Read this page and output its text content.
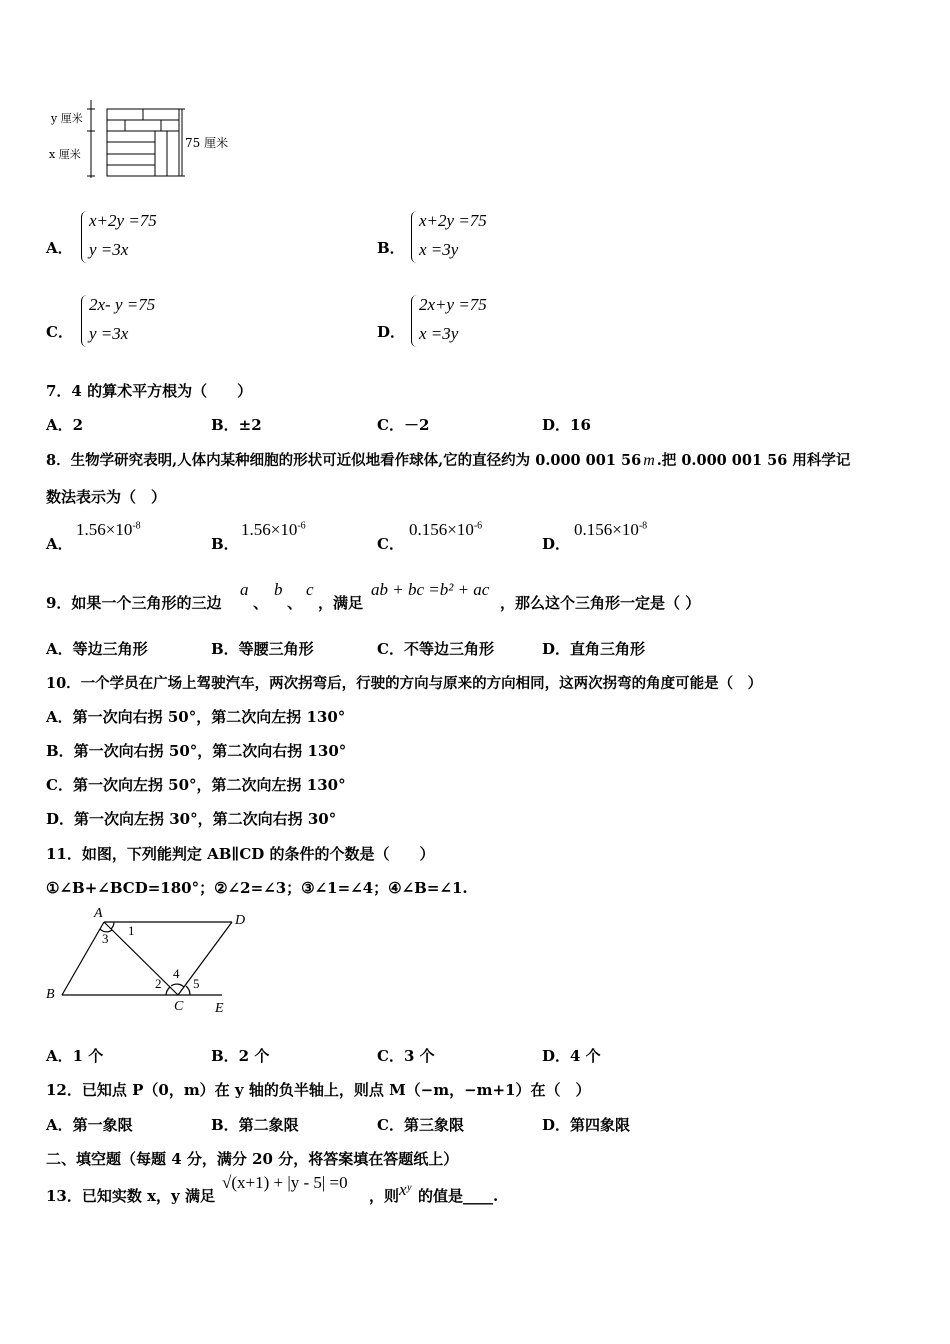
y 厘米
x 厘米
75 厘米
A．
x+2y =75
y =3x	B．
x+2y =75
x =3y
C．
2x- y =75
y =3x	D．
2x+y =75
x =3y
7．4 的算术平方根为（　　）
A．2	B．±2	C．－2	D．16
8．生物学研究表明,人体内某种细胞的形状可近似地看作球体,它的直径约为 0.000 001 56 m .把 0.000 001 56 用科学记
数法表示为（　）
A．
$1.56\times 10^{-8}$
B．
$1.56\times 10^{-6}$
C．
$0.156\times 10^{-6}$
D．
$0.156\times 10^{-8}$
9．如果一个三角形的三边
a
、
b
、
c
，满足
ab + bc =b² + ac
，那么这个三角形一定是（ ）
A．等边三角形	B．等腰三角形	C．不等边三角形	D．直角三角形
10．一个学员在广场上驾驶汽车，两次拐弯后，行驶的方向与原来的方向相同，这两次拐弯的角度可能是（　）
A．第一次向右拐 50°，第二次向左拐 130°
B．第一次向右拐 50°，第二次向右拐 130°
C．第一次向左拐 50°，第二次向左拐 130°
D．第一次向左拐 30°，第二次向右拐 30°
11．如图，下列能判定 AB∥CD 的条件的个数是（　　）
①∠B+∠BCD=180°；②∠2=∠3；③∠1=∠4；④∠B=∠1.
A	D
B
C E
1
3
2
4
5
A．1 个	B．2 个	C．3 个	D．4 个
12．已知点 P（0，m）在 y 轴的负半轴上，则点 M（−m，−m+1）在（　）
A．第一象限	B．第二象限	C．第三象限	D．第四象限
二、填空题（每题 4 分，满分 20 分，将答案填在答题纸上）
13．已知实数 x，y 满足
√(x+1) + |y - 5| =0
，则 xʸ 的值是____.
